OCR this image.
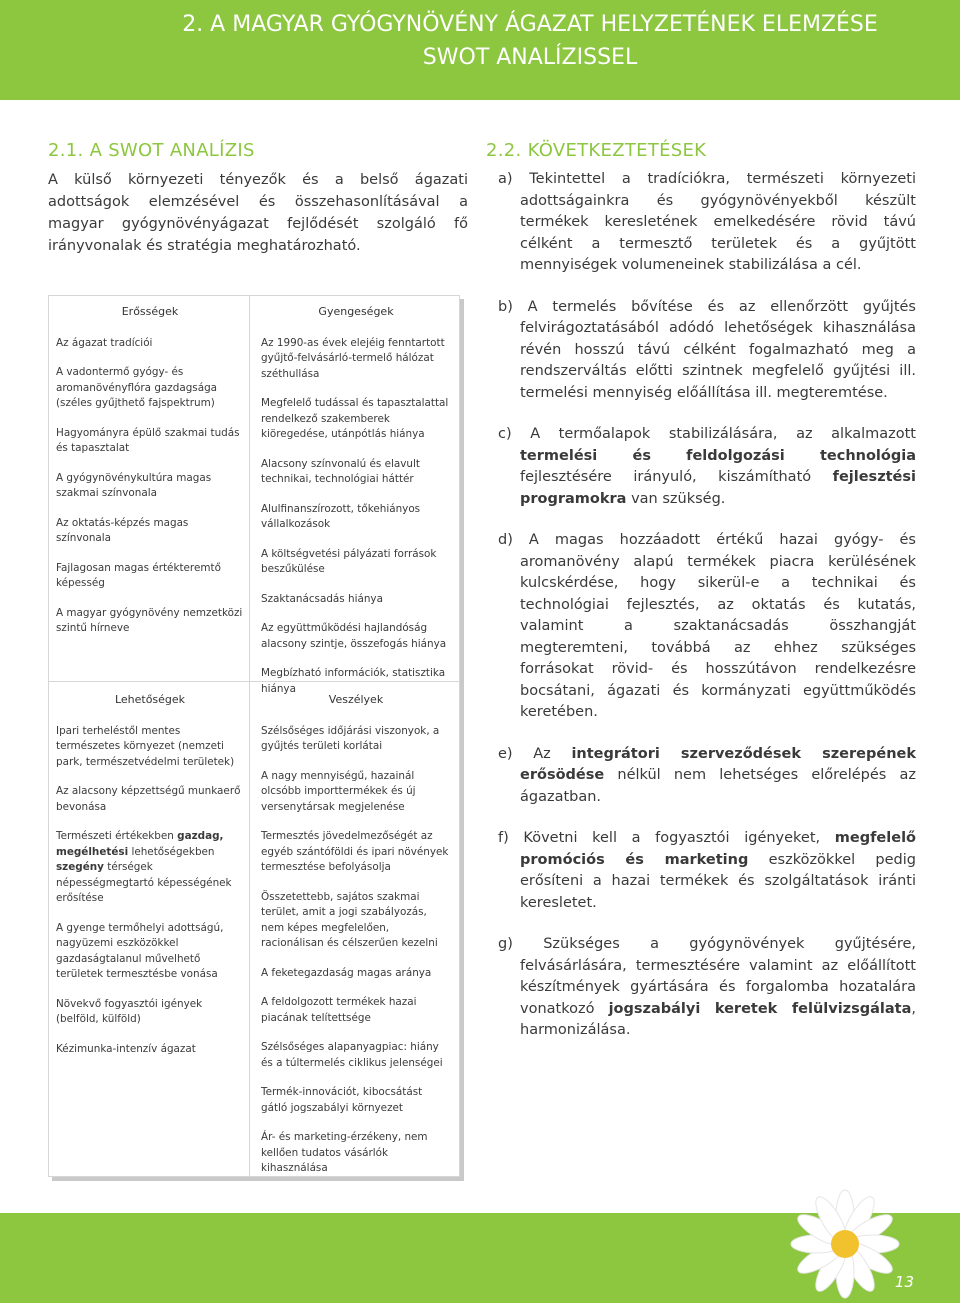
2. A MAGYAR GYÓGYNÖVÉNY ÁGAZAT HELYZETÉNEK ELEMZÉSE
SWOT ANALÍZISSEL
2.1. A SWOT ANALÍZIS

A külső környezeti tényezők és a belső ágazati adottságok elemzésével és összehasonlításával a magyar gyógynövényágazat fejlődését szolgáló fő irányvonalak és stratégia meghatározható.

Erősségek
Az ágazat tradíciói
A vadontermő gyógy- és aromanövényflóra gazdagsága (széles gyűjthető fajspektrum)
Hagyományra épülő szakmai tudás és tapasztalat
A gyógynövénykultúra magas szakmai színvonala
Az oktatás-képzés magas színvonala
Fajlagosan magas értékteremtő képesség
A magyar gyógynövény nemzetközi szintű hírneve
Gyengeségek
Az 1990-as évek elejéig fenntartott gyűjtő-felvásárló-termelő hálózat széthullása
Megfelelő tudással és tapasztalattal rendelkező szakemberek kiöregedése, utánpótlás hiánya
Alacsony színvonalú és elavult technikai, technológiai háttér
Alulfinanszírozott, tőkehiányos vállalkozások
A költségvetési pályázati források beszűkülése
Szaktanácsadás hiánya
Az együttműködési hajlandóság alacsony szintje, összefogás hiánya
Megbízható információk, statisztika hiánya
Lehetőségek
Ipari terheléstől mentes természetes környezet (nemzeti park, természetvédelmi területek)
Az alacsony képzettségű munkaerő bevonása
Természeti értékekben gazdag, megélhetési lehetőségekben szegény térségek népességmegtartó képességének erősítése
A gyenge termőhelyi adottságú, nagyüzemi eszközökkel gazdaságtalanul művelhető területek termesztésbe vonása
Növekvő fogyasztói igények (belföld, külföld)
Kézimunka-intenzív ágazat
Veszélyek
Szélsőséges időjárási viszonyok, a gyűjtés területi korlátai
A nagy mennyiségű, hazainál olcsóbb importtermékek és új versenytársak megjelenése
Termesztés jövedelmezőségét az egyéb szántóföldi és ipari növények termesztése befolyásolja
Összetettebb, sajátos szakmai terület, amit a jogi szabályozás, nem képes megfelelően, racionálisan és célszerűen kezelni
A feketegazdaság magas aránya
A feldolgozott termékek hazai piacának telítettsége
Szélsőséges alapanyagpiac: hiány és a túltermelés ciklikus jelenségei
Termék-innovációt, kibocsátást gátló jogszabályi környezet
Ár- és marketing-érzékeny, nem kellően tudatos vásárlók kihasználása
2.2. KÖVETKEZTETÉSEK

a) Tekintettel a tradíciókra, természeti környezeti adottságainkra és gyógynövényekből készült termékek keresletének emelkedésére rövid távú célként a termesztő területek és a gyűjtött mennyiségek volumeneinek stabilizálása a cél.

b) A termelés bővítése és az ellenőrzött gyűjtés felvirágoztatásából adódó lehetőségek kihasználása révén hosszú távú célként fogalmazható meg a rendszerváltás előtti szintnek megfelelő gyűjtési ill. termelési mennyiség előállítása ill. megteremtése.

c) A termőalapok stabilizálására, az alkalmazott termelési és feldolgozási technológia fejlesztésére irányuló, kiszámítható fejlesztési programokra van szükség.

d) A magas hozzáadott értékű hazai gyógy- és aromanövény alapú termékek piacra kerülésének kulcskérdése, hogy sikerül-e a technikai és technológiai fejlesztés, az oktatás és kutatás, valamint a szaktanácsadás összhangját megteremteni, továbbá az ehhez szükséges forrásokat rövid- és hosszútávon rendelkezésre bocsátani, ágazati és kormányzati együttműködés keretében.

e) Az integrátori szerveződések szerepének erősödése nélkül nem lehetséges előrelépés az ágazatban.

f) Követni kell a fogyasztói igényeket, megfelelő promóciós és marketing eszközökkel pedig erősíteni a hazai termékek és szolgáltatások iránti keresletet.

g) Szükséges a gyógynövények gyűjtésére, felvásárlására, termesztésére valamint az előállított készítmények gyártására és forgalomba hozatalára vonatkozó jogszabályi keretek felülvizsgálata, harmonizálása.

13
